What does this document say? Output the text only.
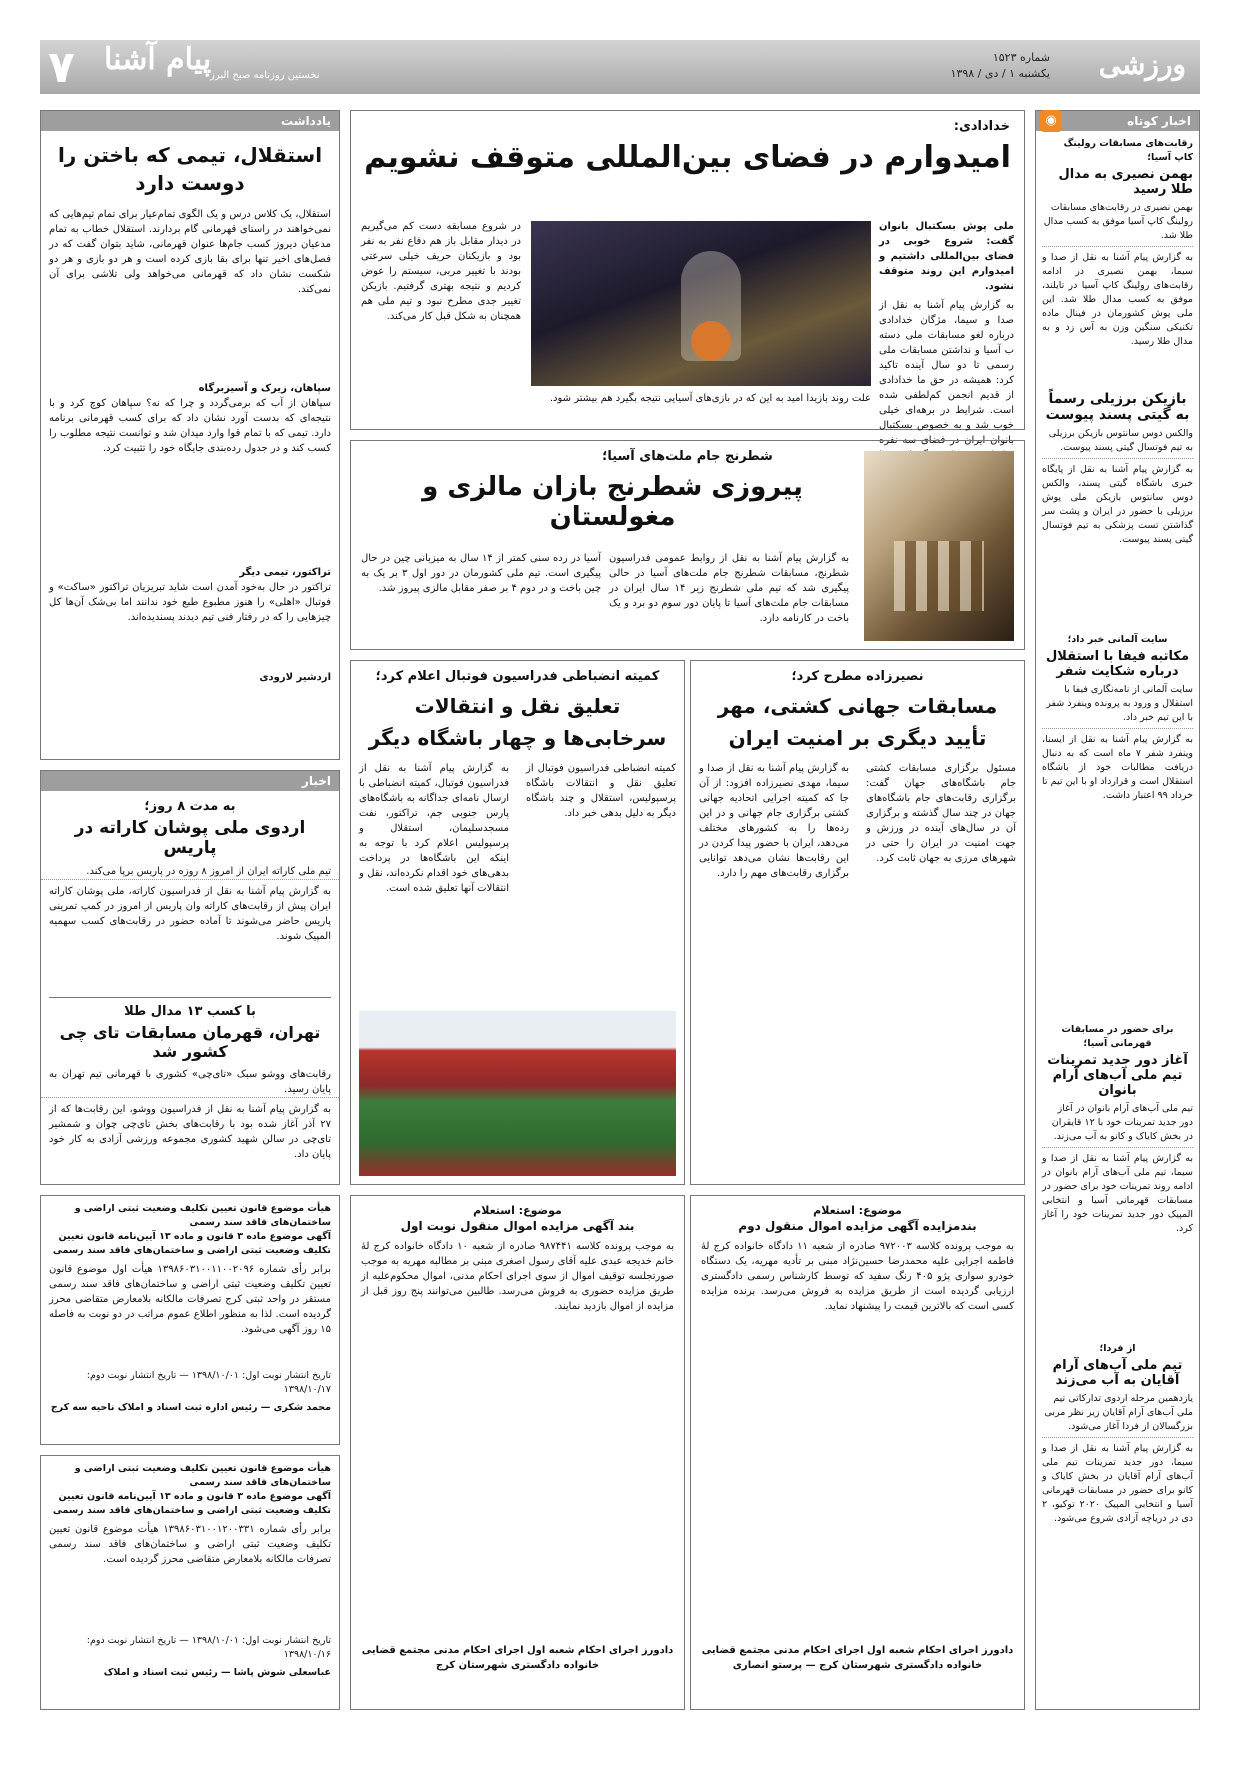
ورزشی
شماره ۱۵۲۳
یکشنبه ۱ / دی / ۱۳۹۸
پیام آشنا
نخستین روزنامه صبح البرز
۷
اخبار کوتاه
◉
رقابت‌های مسابقات رولینگ کاپ آسیا؛
بهمن نصیری به مدال طلا رسید
بهمن نصیری در رقابت‌های مسابقات رولینگ کاپ آسیا موفق به کسب مدال طلا شد.
به گزارش پیام آشنا به نقل از صدا و سیما، بهمن نصیری در ادامه رقابت‌های رولینگ کاپ آسیا در تایلند، موفق به کسب مدال طلا شد. این ملی پوش کشورمان در فینال ماده تکنیکی سنگین وزن به آس زد و به مدال طلا رسید.
بازیکن برزیلی رسماً به گیتی پسند پیوست
والکس دوس سانتوس بازیکن برزیلی به تیم فوتسال گیتی پسند پیوست.
به گزارش پیام آشنا به نقل از پایگاه خبری باشگاه گیتی پسند، والکس دوس سانتوس بازیکن ملی پوش برزیلی با حضور در ایران و پشت سر گذاشتن تست پزشکی به تیم فوتسال گیتی پسند پیوست.
سایت آلمانی خبر داد؛
مکاتبه فیفا با استقلال درباره شکایت شفر
سایت آلمانی از نامه‌نگاری فیفا با استقلال و ورود به پرونده وینفرد شفر با این تیم خبر داد.
به گزارش پیام آشنا به نقل از ایسنا، وینفرد شفر ۷ ماه است که به دنبال دریافت مطالبات خود از باشگاه استقلال است و قرارداد او با این تیم تا خرداد ۹۹ اعتبار داشت.
برای حضور در مسابقات قهرمانی آسیا؛
آغاز دور جدید تمرینات تیم ملی آب‌های آرام بانوان
تیم ملی آب‌های آرام بانوان در آغاز دور جدید تمرینات خود با ۱۲ قایقران در بخش کایاک و کانو به آب می‌زند.
به گزارش پیام آشنا به نقل از صدا و سیما، تیم ملی آب‌های آرام بانوان در ادامه روند تمرینات خود برای حضور در مسابقات قهرمانی آسیا و انتخابی المپیک دور جدید تمرینات خود را آغاز کرد.
از فردا؛
تیم ملی آب‌های آرام آقایان به آب می‌زند
یازدهمین مرحله اردوی تدارکاتی تیم ملی آب‌های آرام آقایان زیر نظر مربی بزرگسالان از فردا آغاز می‌شود.
به گزارش پیام آشنا به نقل از صدا و سیما، دور جدید تمرینات تیم ملی آب‌های آرام آقایان در بخش کایاک و کانو برای حضور در مسابقات قهرمانی آسیا و انتخابی المپیک ۲۰۲۰ توکیو، ۲ دی در دریاچه آزادی شروع می‌شود.
خدادادی:
امیدوارم در فضای بین‌المللی متوقف نشویم

ملی پوش بسکتبال بانوان گفت: شروع خوبی در فضای بین‌المللی داشتیم و امیدوارم این روند متوقف نشود.

به گزارش پیام آشنا به نقل از صدا و سیما، مژگان خدادادی درباره لغو مسابقات ملی دسته ب آسیا و نداشتن مسابقات ملی رسمی تا دو سال آینده تاکید کرد: همیشه در حق ما خدادادی از قدیم انجمن کم‌لطفی شده است. شرایط در برهه‌ای خیلی خوب شد و به خصوص بسکتبال بانوان ایران در فضای سه نفره

علت روند بازیدا امید به این که در بازی‌های آسیایی نتیجه بگیرد هم بیشتر شود.
در شروع مسابقه دست کم می‌گیریم در دیدار مقابل باز هم دفاع نفر به نفر بود و بازیکنان حریف خیلی سرعتی بودند با تغییر مربی، سیستم را عوض کردیم و نتیجه بهتری گرفتیم. بازیکن تغییر جدی مطرح نبود و تیم ملی هم همچنان به شکل قبل کار می‌کند.
شطرنج جام ملت‌های آسیا؛
پیروزی شطرنج بازان مالزی و مغولستان
به گزارش پیام آشنا به نقل از روابط عمومی فدراسیون شطرنج، مسابقات شطرنج جام ملت‌های آسیا در حالی پیگیری شد که تیم ملی شطرنج زیر ۱۴ سال ایران در مسابقات جام ملت‌های آسیا تا پایان دور سوم دو برد و یک باخت در کارنامه دارد.
آسیا در رده سنی کمتر از ۱۴ سال به میزبانی چین در حال پیگیری است. تیم ملی کشورمان در دور اول ۳ بر یک به چین باخت و در دوم ۴ بر صفر مقابل مالزی پیروز شد.
نصیرزاده مطرح کرد؛
مسابقات جهانی کشتی، مهر تأیید دیگری بر امنیت ایران
مسئول برگزاری مسابقات کشتی جام باشگاه‌های جهان گفت: برگزاری رقابت‌های جام باشگاه‌های جهان در چند سال گذشته و برگزاری آن در سال‌های آینده در ورزش و جهت امنیت در ایران را حتی در شهرهای مرزی به جهان ثابت کرد.
به گزارش پیام آشنا به نقل از صدا و سیما، مهدی نصیرزاده افزود: از آن جا که کمیته اجرایی اتحادیه جهانی کشتی برگزاری جام جهانی و در این رده‌ها را به کشورهای مختلف می‌دهد، ایران با حضور پیدا کردن در این رقابت‌ها نشان می‌دهد توانایی برگزاری رقابت‌های مهم را دارد.
کمیته انضباطی فدراسیون فوتبال اعلام کرد؛
تعلیق نقل و انتقالات سرخابی‌ها و چهار باشگاه دیگر
کمیته انضباطی فدراسیون فوتبال از تعلیق نقل و انتقالات باشگاه پرسپولیس، استقلال و چند باشگاه دیگر به دلیل بدهی خبر داد.
به گزارش پیام آشنا به نقل از فدراسیون فوتبال، کمیته انضباطی با ارسال نامه‌ای جداگانه به باشگاه‌های پارس جنوبی جم، تراکتور، نفت مسجدسلیمان، استقلال و پرسپولیس اعلام کرد با توجه به اینکه این باشگاه‌ها در پرداخت بدهی‌های خود اقدام نکرده‌اند، نقل و انتقالات آنها تعلیق شده است.
یادداشت
استقلال، تیمی که باختن را دوست دارد
استقلال، یک کلاس درس و یک الگوی تمام‌عیار برای تمام تیم‌هایی که نمی‌خواهند در راستای قهرمانی گام بردارند. استقلال خطاب به تمام مدعیان دیروز کسب جام‌ها عنوان قهرمانی، شاید بتوان گفت که در فصل‌های اخیر تنها برای بقا بازی کرده است و هر دو بازی و هر دو شکست نشان داد که قهرمانی می‌خواهد ولی تلاشی برای آن نمی‌کند.
سپاهان، زیرک و آسیزبرگاه
سپاهان از آب که برمی‌گردد و چرا که نه؟ سپاهان کوچ کرد و با نتیجه‌ای که بدست آورد نشان داد که برای کسب قهرمانی برنامه دارد. تیمی که با تمام قوا وارد میدان شد و توانست نتیجه مطلوب را کسب کند و در جدول رده‌بندی جایگاه خود را تثبیت کرد.
تراکتور، تیمی دیگر
تراکتور در حال به‌خود آمدن است شاید تبریزیان تراکتور «ساکت» و فوتبال «اهلی» را هنوز مطبوع طبع خود ندانند اما بی‌شک آن‌ها کل چیزهایی را که در رفتار فنی تیم دیدند پسندیده‌اند.
اردشیر لارودی
اخبار
به مدت ۸ روز؛
اردوی ملی پوشان کاراته در پاریس
تیم ملی کاراته ایران از امروز ۸ روزه در پاریس برپا می‌کند.
به گزارش پیام آشنا به نقل از فدراسیون کاراته، ملی پوشان کاراته ایران پیش از رقابت‌های کاراته وان پاریس از امروز در کمپ تمرینی پاریس حاضر می‌شوند تا آماده حضور در رقابت‌های کسب سهمیه المپیک شوند.
با کسب ۱۳ مدال طلا
تهران، قهرمان مسابقات تای چی کشور شد
رقابت‌های ووشو سبک «تای‌چی» کشوری با قهرمانی تیم تهران به پایان رسید.
به گزارش پیام آشنا به نقل از فدراسیون ووشو، این رقابت‌ها که از ۲۷ آذر آغاز شده بود با رقابت‌های بخش تای‌چی چوان و شمشیر تای‌چی در سالن شهید کشوری مجموعه ورزشی آزادی به کار خود پایان داد.
موضوع: استعلام
بندمزایده آگهی مزایده اموال منقول دوم
به موجب پرونده کلاسه ۹۷۲۰۰۳ صادره از شعبه ۱۱ دادگاه خانواده کرج لهٔ فاطمه اجرایی علیه محمدرضا حسین‌نژاد مبنی بر تأدیه مهریه، یک دستگاه خودرو سواری پژو ۴۰۵ رنگ سفید که توسط کارشناس رسمی دادگستری ارزیابی گردیده است از طریق مزایده به فروش می‌رسد. برنده مزایده کسی است که بالاترین قیمت را پیشنهاد نماید.
دادورز اجرای احکام شعبه اول اجرای احکام مدنی مجتمع قضایی خانواده دادگستری شهرستان کرج — پرستو انصاری
موضوع: استعلام
بند آگهی مزایده اموال منقول نوبت اول
به موجب پرونده کلاسه ۹۸۷۴۴۱ صادره از شعبه ۱۰ دادگاه خانواده کرج لهٔ خانم خدیجه عبدی علیه آقای رسول اصغری مبنی بر مطالبه مهریه به موجب صورتجلسه توقیف اموال از سوی اجرای احکام مدنی، اموال محکوم‌علیه از طریق مزایده حضوری به فروش می‌رسد. طالبین می‌توانند پنج روز قبل از مزایده از اموال بازدید نمایند.
دادورز اجرای احکام شعبه اول اجرای احکام مدنی مجتمع قضایی خانواده دادگستری شهرستان کرج
هیأت موضوع قانون تعیین تکلیف وضعیت ثبتی اراضی و ساختمان‌های فاقد سند رسمی
آگهی موضوع ماده ۳ قانون و ماده ۱۳ آیین‌نامه قانون تعیین تکلیف وضعیت ثبتی اراضی و ساختمان‌های فاقد سند رسمی
برابر رأی شماره ۱۳۹۸۶۰۳۱۰۰۱۱۰۰۲۰۹۶ هیأت اول موضوع قانون تعیین تکلیف وضعیت ثبتی اراضی و ساختمان‌های فاقد سند رسمی مستقر در واحد ثبتی کرج تصرفات مالکانه بلامعارض متقاضی محرز گردیده است. لذا به منظور اطلاع عموم مراتب در دو نوبت به فاصله ۱۵ روز آگهی می‌شود.
تاریخ انتشار نوبت اول: ۱۳۹۸/۱۰/۰۱ — تاریخ انتشار نوبت دوم: ۱۳۹۸/۱۰/۱۷
محمد شکری — رئیس اداره ثبت اسناد و املاک ناحیه سه کرج
هیأت موضوع قانون تعیین تکلیف وضعیت ثبتی اراضی و ساختمان‌های فاقد سند رسمی
آگهی موضوع ماده ۳ قانون و ماده ۱۳ آیین‌نامه قانون تعیین تکلیف وضعیت ثبتی اراضی و ساختمان‌های فاقد سند رسمی
برابر رأی شماره ۱۳۹۸۶۰۳۱۰۰۱۲۰۰۳۳۱ هیأت موضوع قانون تعیین تکلیف وضعیت ثبتی اراضی و ساختمان‌های فاقد سند رسمی تصرفات مالکانه بلامعارض متقاضی محرز گردیده است.
تاریخ انتشار نوبت اول: ۱۳۹۸/۱۰/۰۱ — تاریخ انتشار نوبت دوم: ۱۳۹۸/۱۰/۱۶
عباسعلی شوش پاشا — رئیس ثبت اسناد و املاک
